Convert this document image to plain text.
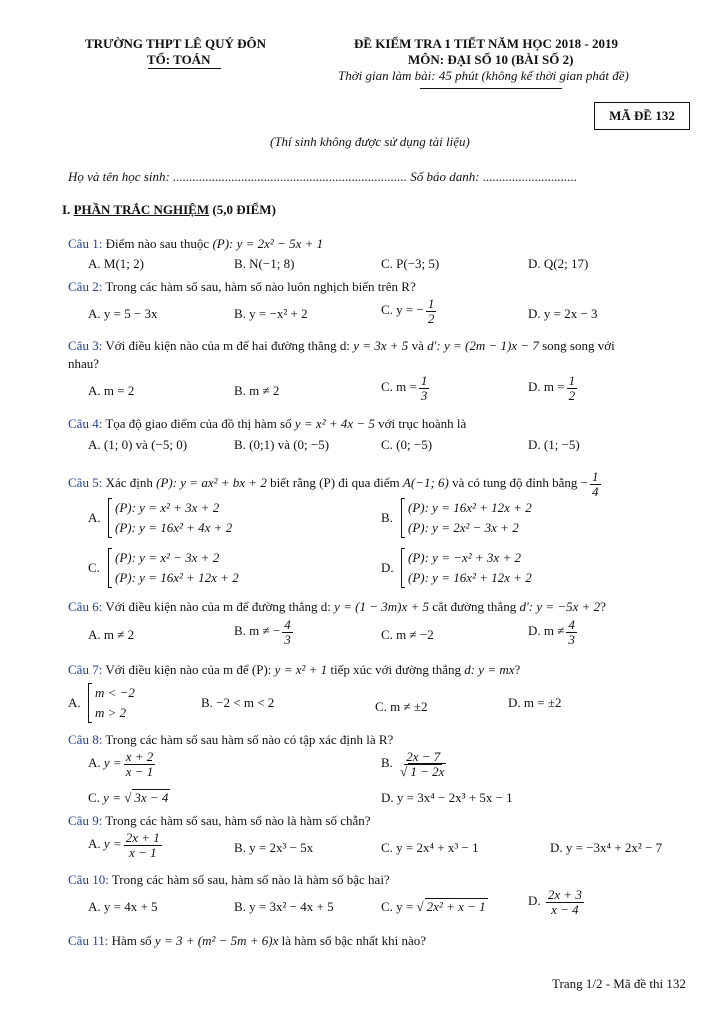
TRƯỜNG THPT LÊ QUÝ ĐÔN
TỔ: TOÁN
ĐỀ KIỂM TRA 1 TIẾT NĂM HỌC 2018 - 2019
MÔN: ĐẠI SỐ 10 (BÀI SỐ 2)
Thời gian làm bài: 45 phút (không kể thời gian phát đề)
MÃ ĐỀ 132
(Thí sinh không được sử dụng tài liệu)
Họ và tên học sinh: ........................................................................ Số báo danh: .............................
I. PHẦN TRẮC NGHIỆM (5,0 ĐIỂM)
Câu 1: Điểm nào sau thuộc (P): y = 2x² − 5x + 1
A. M(1; 2)	B. N(−1; 8)	C. P(−3; 5)	D. Q(2; 17)
Câu 2: Trong các hàm số sau, hàm số nào luôn nghịch biến trên R?
A. y = 5 − 3x	B. y = −x² + 2	C. y = − $\frac{1}{2}$	D. y = 2x − 3
Câu 3: Với điều kiện nào của m để hai đường thẳng d: y = 3x + 5 và d': y = (2m − 1)x − 7 song song với
nhau?
A. m = 2	B. m ≠ 2	C. $m = \frac{1}{3}$	D. $m = \frac{1}{2}$
Câu 4: Tọa độ giao điểm của đồ thị hàm số y = x² + 4x − 5 với trục hoành là
A. (1; 0) và (−5; 0)	B. (0;1) và (0; −5)	C. (0; −5)	D. (1; −5)
Câu 5: Xác định (P): y = ax² + bx + 2 biết rằng (P) đi qua điểm A(−1; 6) và có tung độ đỉnh bằng − $\frac{1}{4}$
A.
(P): y = x² + 3x + 2
(P): y = 16x² + 4x + 2
B.
(P): y = 16x² + 12x + 2
(P): y = 2x² − 3x + 2
C.
(P): y = x² − 3x + 2
(P): y = 16x² + 12x + 2
D.
(P): y = −x² + 3x + 2
(P): y = 16x² + 12x + 2
Câu 6: Với điều kiện nào của m để đường thẳng d: y = (1 − 3m)x + 5 cắt đường thẳng d': y = −5x + 2?
A. m ≠ 2	B. m ≠ − $\frac{4}{3}$	C. m ≠ −2	D. $m \ne \frac{4}{3}$
Câu 7: Với điều kiện nào của m để (P): y = x² + 1 tiếp xúc với đường thẳng d: y = mx?
A.
m < −2
m > 2
B. −2 < m < 2	C. m ≠ ±2	D. m = ±2
Câu 8: Trong các hàm số sau hàm số nào có tập xác định là R?
A. $y = \frac{x + 2}{x - 1}$	B. $\frac{2x - 7}{√ 1 - 2x}$
C. y = √ 3x − 4	D. y = 3x⁴ − 2x³ + 5x − 1
Câu 9: Trong các hàm số sau, hàm số nào là hàm số chẵn?
A. $y = \frac{2x + 1}{x - 1}$	B. y = 2x³ − 5x	C. y = 2x⁴ + x³ − 1	D. y = −3x⁴ + 2x² − 7
Câu 10: Trong các hàm số sau, hàm số nào là hàm số bậc hai?
A. y = 4x + 5	B. y = 3x² − 4x + 5	C. y = √ 2x² + x − 1	D. $\frac{2x + 3}{x - 4}$
Câu 11: Hàm số y = 3 + (m² − 5m + 6)x là hàm số bậc nhất khi nào?
Trang 1/2 - Mã đề thi 132
